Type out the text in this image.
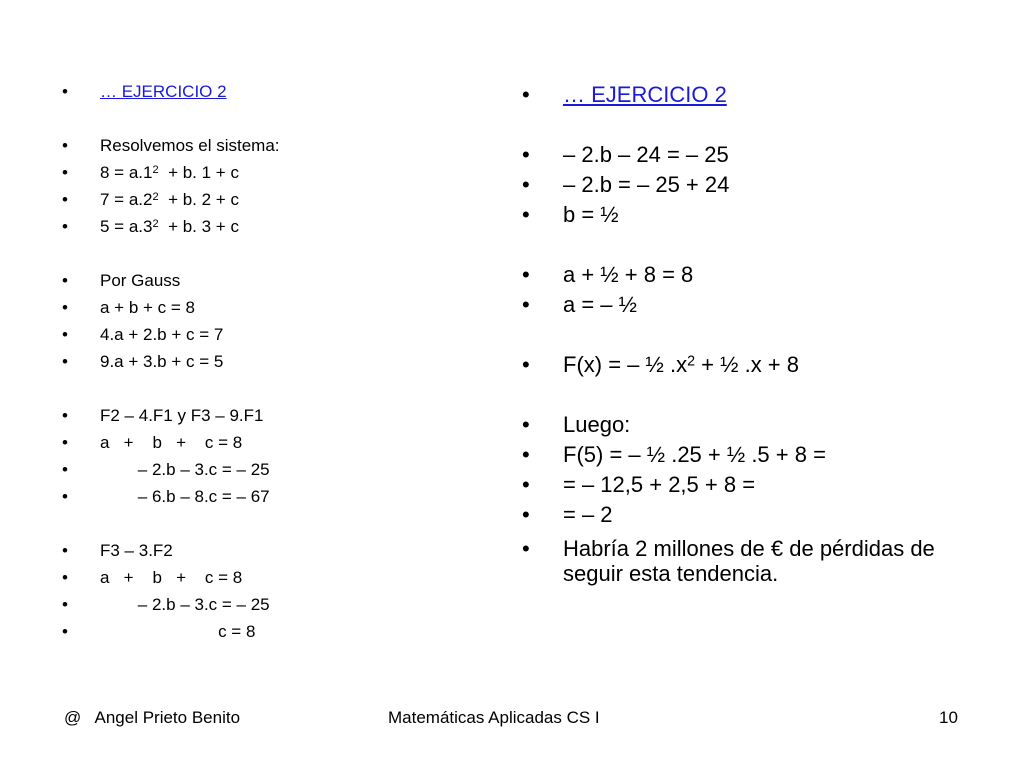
• … EJERCICIO 2
• Resolvemos el sistema:
• $8 = a.1^2 + b$. 1 + c
• $7 = a.2^2 + b$. 2 + c
• $5 = a.3^2 + b$. 3 + c
• Por Gauss
• a + b + c = 8
• 4.a + 2.b + c = 7
• 9.a + 3.b + c = 5
• F2 – 4.F1 y F3 – 9.F1
• a   +    b   +    c = 8
• – 2.b – 3.c = – 25
• – 6.b – 8.c = – 67
• F3 – 3.F2
• a   +    b   +    c = 8
• – 2.b – 3.c = – 25
• c = 8
• … EJERCICIO 2
• – 2.b – 24 = – 25
• – 2.b = – 25 + 24
• b = ½
• a + ½ + 8 = 8
• a = – ½
• F(x) = – ½ $.x^2$ + ½ .x + 8
• Luego:
• F(5) = – ½ .25 + ½ .5 + 8 =
• = – 12,5 + 2,5 + 8 =
• = – 2
• Habría 2 millones de € de pérdidas de seguir esta tendencia.
@   Angel Prieto Benito	Matemáticas Aplicadas CS I	10
